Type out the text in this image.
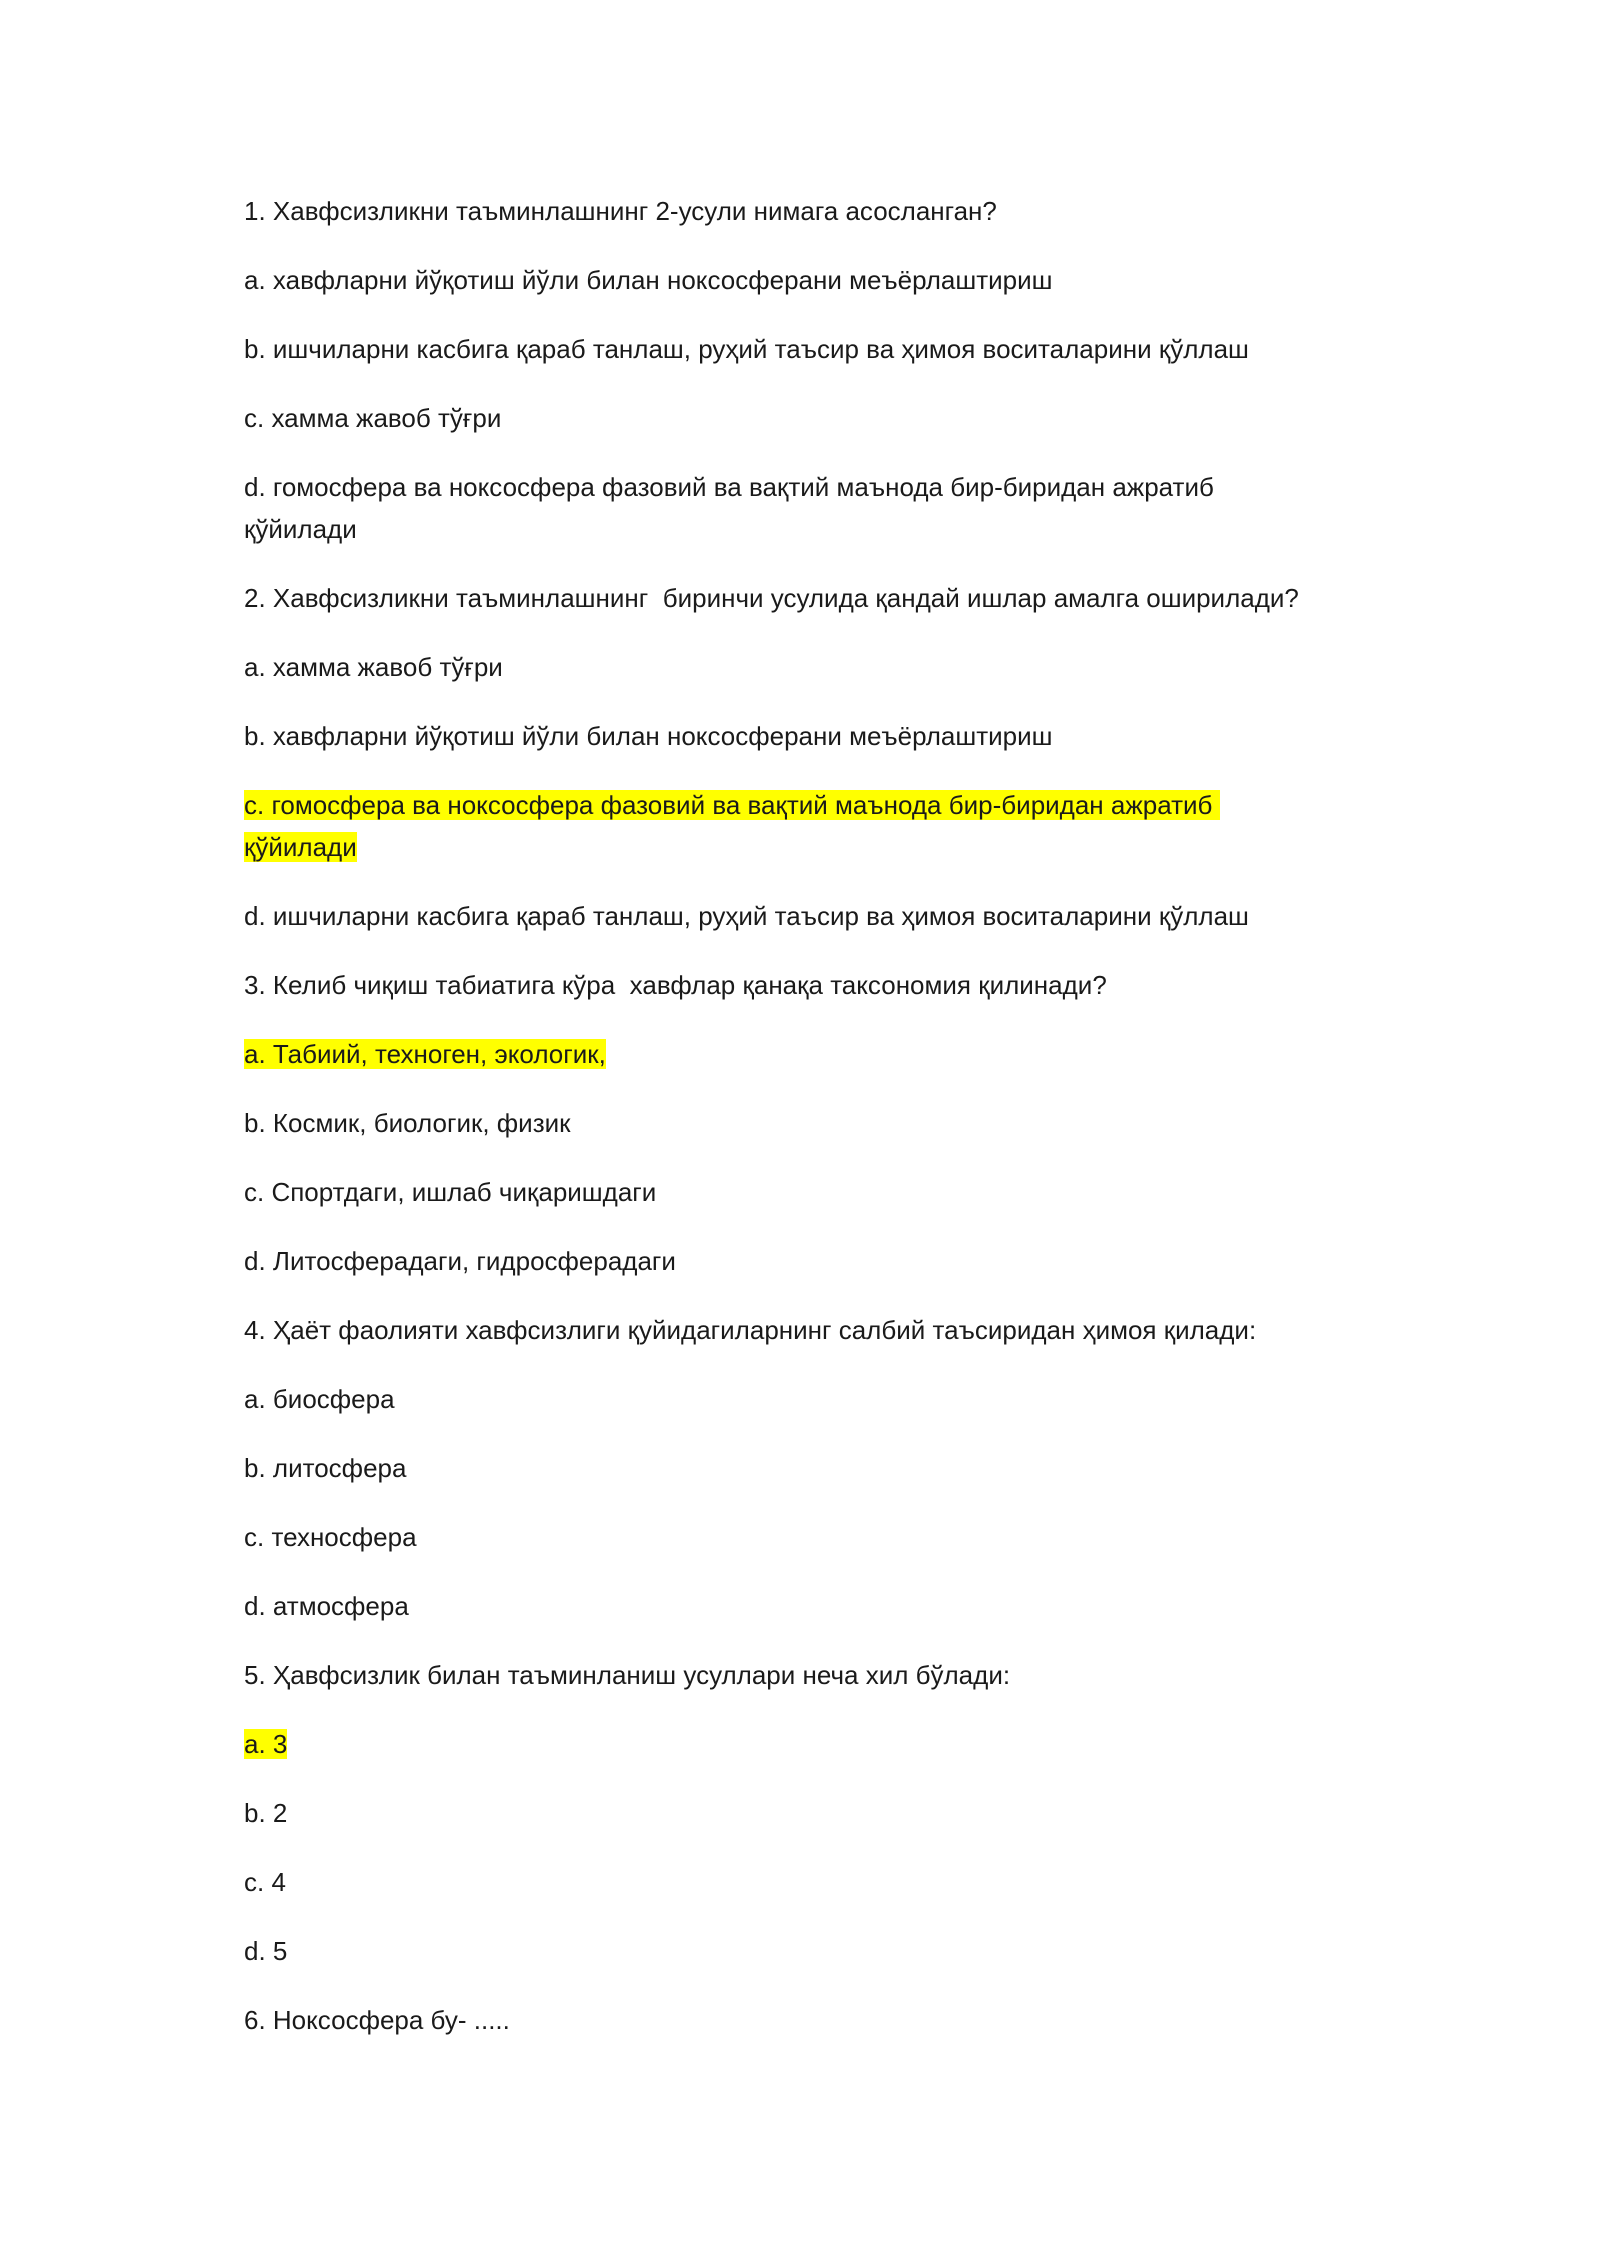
1. Хавфсизликни таъминлашнинг 2-усули нимага асосланган?

a. хавфларни йўқотиш йўли билан ноксосферани меъёрлаштириш

b. ишчиларни касбига қараб танлаш, руҳий таъсир ва ҳимоя воситаларини қўллаш

c. хамма жавоб тўғри

d. гомосфера ва ноксосфера фазовий ва вақтий маънода бир-биридан ажратиб
қўйилади

2. Хавфсизликни таъминлашнинг  биринчи усулида қандай ишлар амалга оширилади?

a. хамма жавоб тўғри

b. хавфларни йўқотиш йўли билан ноксосферани меъёрлаштириш

c. гомосфера ва ноксосфера фазовий ва вақтий маънода бир-биридан ажратиб
қўйилади

d. ишчиларни касбига қараб танлаш, руҳий таъсир ва ҳимоя воситаларини қўллаш

3. Келиб чиқиш табиатига кўра  хавфлар қанақа таксономия қилинади?

a. Табиий, техноген, экологик,

b. Космик, биологик, физик

c. Спортдаги, ишлаб чиқаришдаги

d. Литосферадаги, гидросферадаги

4. Ҳаёт фаолияти хавфсизлиги қуйидагиларнинг салбий таъсиридан ҳимоя қилади:

a. биосфера

b. литосфера

c. техносфера

d. атмосфера

5. Ҳавфсизлик билан таъминланиш усуллари неча хил бўлади:

a. 3

b. 2

c. 4

d. 5

6. Ноксосфера бу- .....
